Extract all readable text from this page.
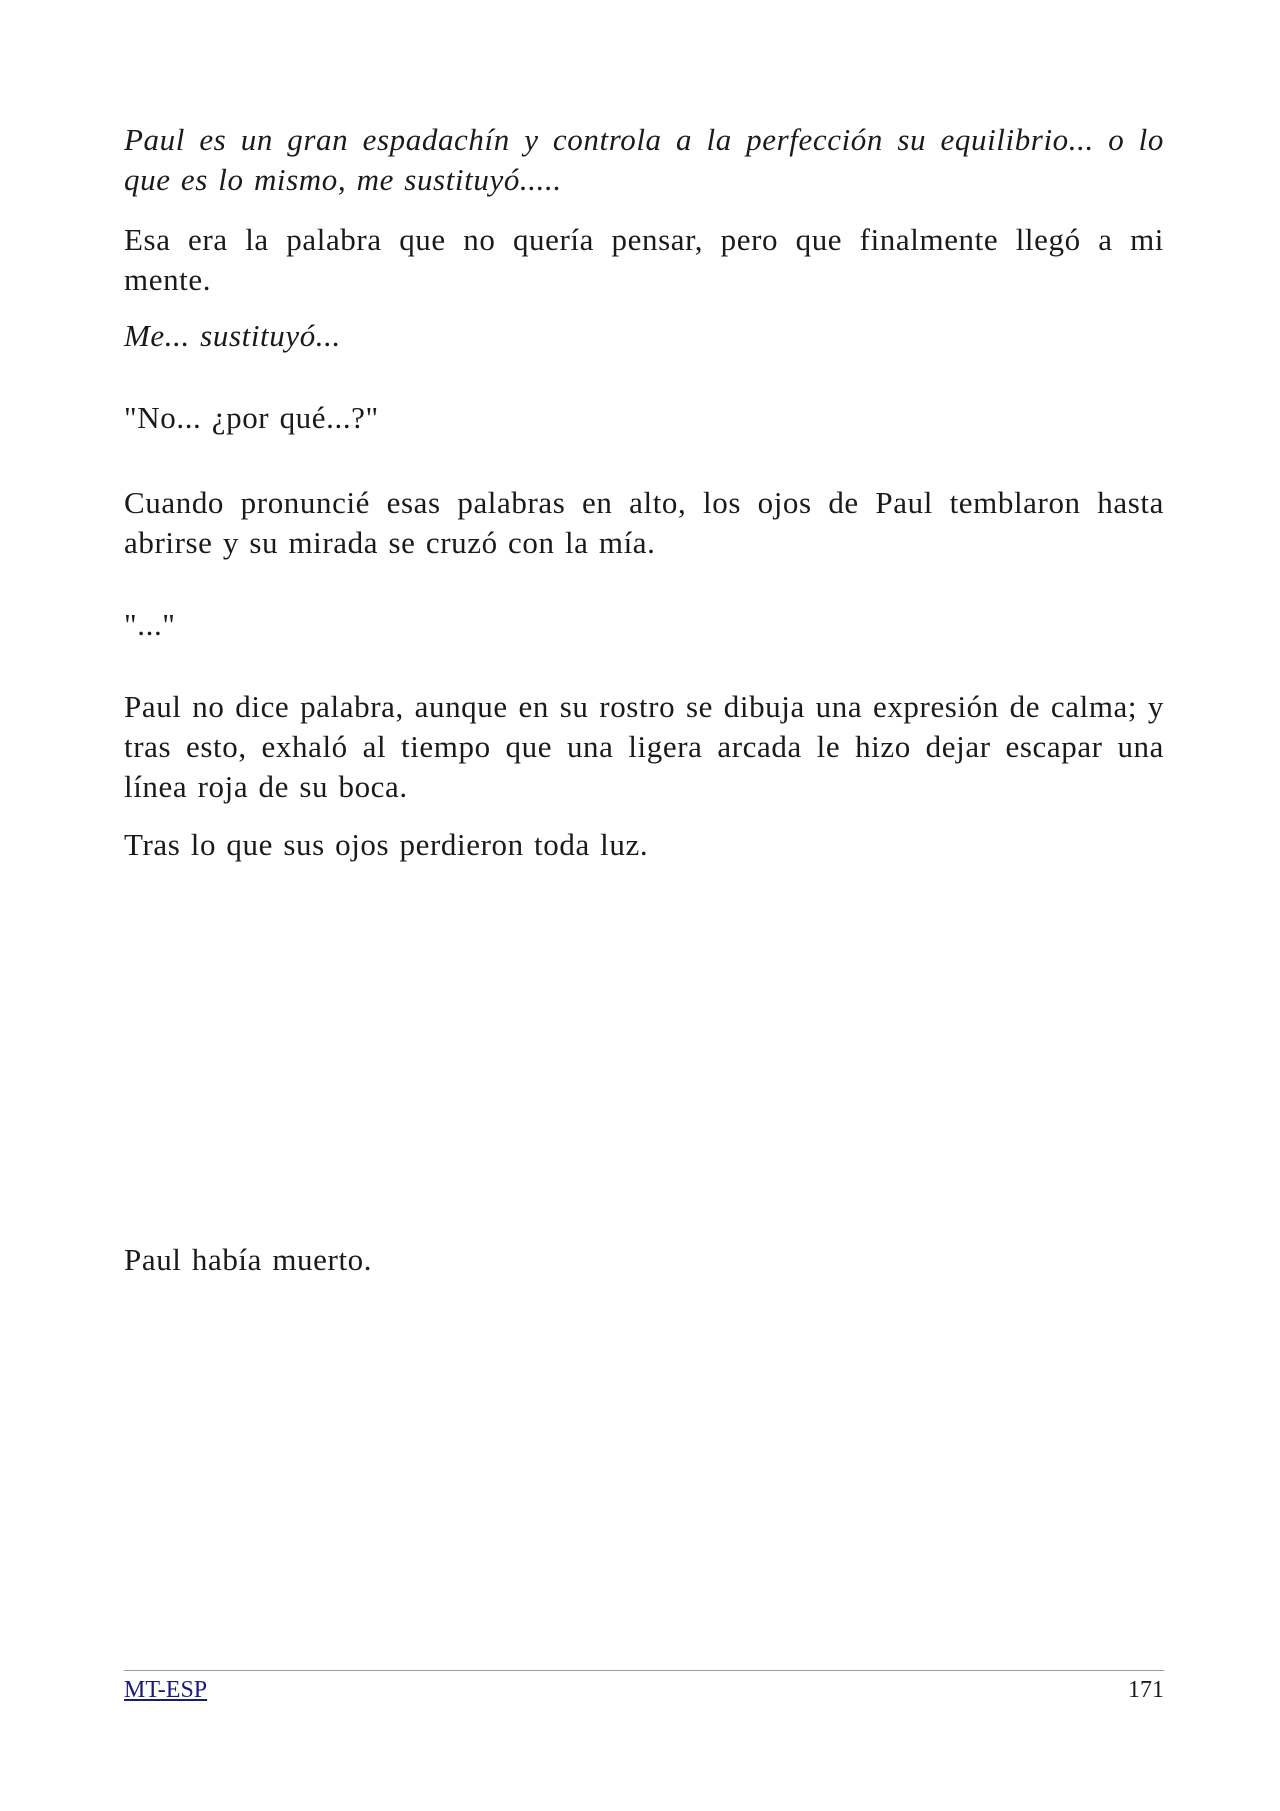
Paul es un gran espadachín y controla a la perfección su equilibrio... o lo que es lo mismo, me sustituyó.....

Esa era la palabra que no quería pensar, pero que finalmente llegó a mi mente.

Me... sustituyó...

"No... ¿por qué...?"

Cuando pronuncié esas palabras en alto, los ojos de Paul temblaron hasta abrirse y su mirada se cruzó con la mía.

"..."

Paul no dice palabra, aunque en su rostro se dibuja una expresión de calma; y tras esto, exhaló al tiempo que una ligera arcada le hizo dejar escapar una línea roja de su boca.

Tras lo que sus ojos perdieron toda luz.

Paul había muerto.

MT-ESP	171
